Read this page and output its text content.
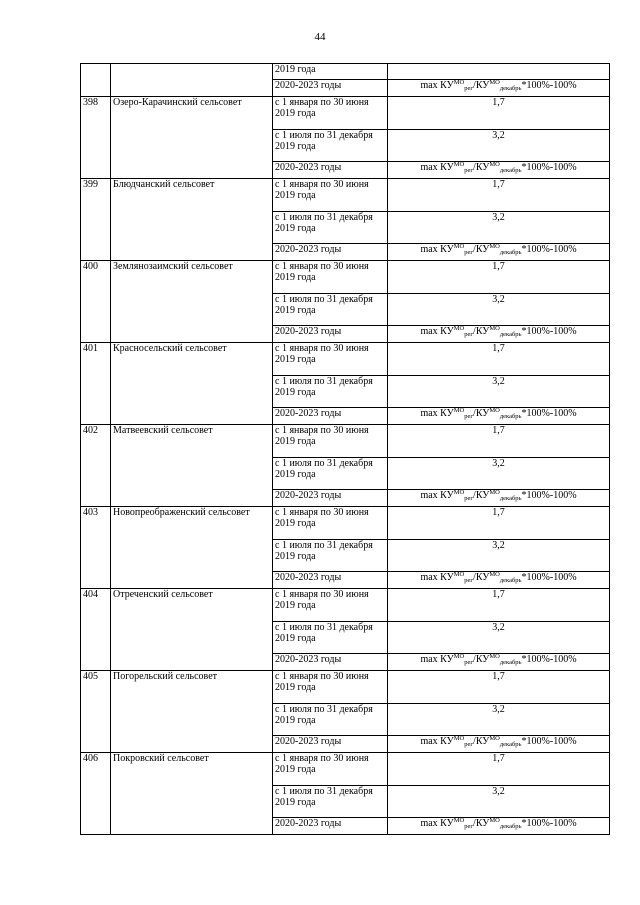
44
		2019 года	
		2020-2023 годы	$\max КУ^{МО}_{рег}/КУ^{МО}_{декабрь}*100\%-100\%$
398	Озеро-Карачинский сельсовет	с 1 января по 30 июня 2019 года	1,7
		с 1 июля по 31 декабря 2019 года	3,2
		2020-2023 годы	$\max КУ^{МО}_{рег}/КУ^{МО}_{декабрь}*100\%-100\%$
399	Блюдчанский сельсовет	с 1 января по 30 июня 2019 года	1,7
		с 1 июля по 31 декабря 2019 года	3,2
		2020-2023 годы	$\max КУ^{МО}_{рег}/КУ^{МО}_{декабрь}*100\%-100\%$
400	Землянозаимский сельсовет	с 1 января по 30 июня 2019 года	1,7
		с 1 июля по 31 декабря 2019 года	3,2
		2020-2023 годы	$\max КУ^{МО}_{рег}/КУ^{МО}_{декабрь}*100\%-100\%$
401	Красносельский сельсовет	с 1 января по 30 июня 2019 года	1,7
		с 1 июля по 31 декабря 2019 года	3,2
		2020-2023 годы	$\max КУ^{МО}_{рег}/КУ^{МО}_{декабрь}*100\%-100\%$
402	Матвеевский сельсовет	с 1 января по 30 июня 2019 года	1,7
		с 1 июля по 31 декабря 2019 года	3,2
		2020-2023 годы	$\max КУ^{МО}_{рег}/КУ^{МО}_{декабрь}*100\%-100\%$
403	Новопреображенский сельсовет	с 1 января по 30 июня 2019 года	1,7
		с 1 июля по 31 декабря 2019 года	3,2
		2020-2023 годы	$\max КУ^{МО}_{рег}/КУ^{МО}_{декабрь}*100\%-100\%$
404	Отреченский сельсовет	с 1 января по 30 июня 2019 года	1,7
		с 1 июля по 31 декабря 2019 года	3,2
		2020-2023 годы	$\max КУ^{МО}_{рег}/КУ^{МО}_{декабрь}*100\%-100\%$
405	Погорельский сельсовет	с 1 января по 30 июня 2019 года	1,7
		с 1 июля по 31 декабря 2019 года	3,2
		2020-2023 годы	$\max КУ^{МО}_{рег}/КУ^{МО}_{декабрь}*100\%-100\%$
406	Покровский сельсовет	с 1 января по 30 июня 2019 года	1,7
		с 1 июля по 31 декабря 2019 года	3,2
		2020-2023 годы	$\max КУ^{МО}_{рег}/КУ^{МО}_{декабрь}*100\%-100\%$
